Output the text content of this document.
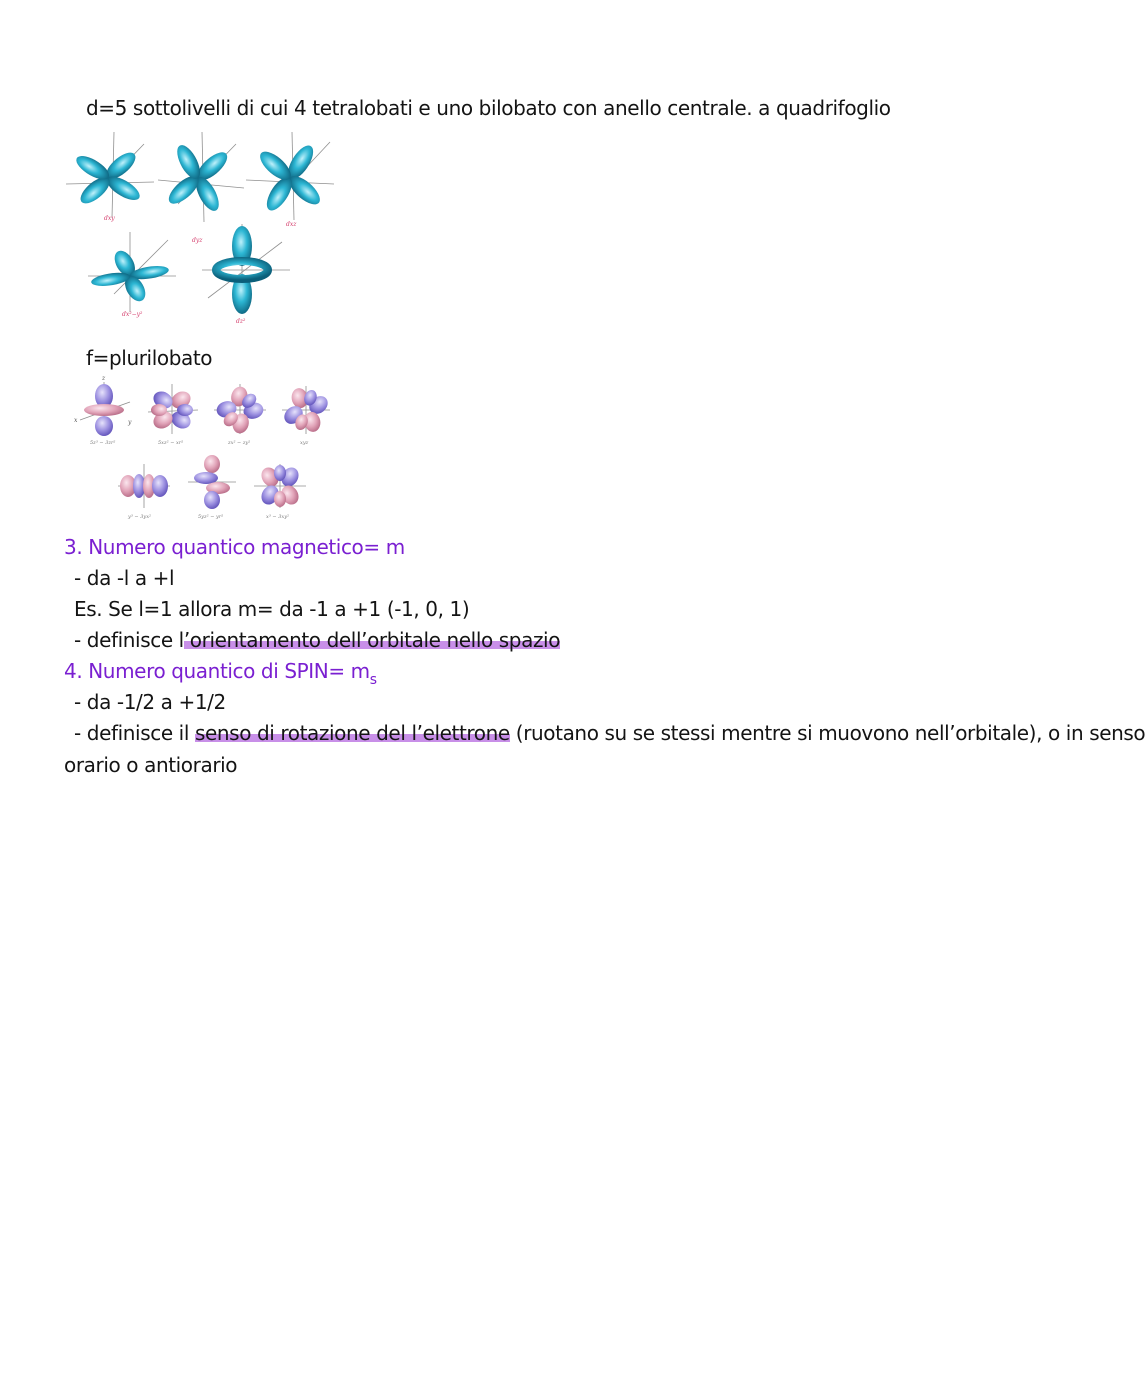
d=5 sottolivelli di cui 4 tetralobati e uno bilobato con anello centrale. a quadrifoglio
dxy
dyz
dxz
dx²−y²
dz²
f=plurilobato
z
x	y
5z³ − 3zr²	5xz² − xr²	zx² − zy²	xyz
y³ − 3yx²	5yz² − yr²	x³ − 3xy²
3. Numero quantico magnetico= m
- da -l a +l
Es. Se l=1 allora m= da -1 a +1 (-1, 0, 1)
- definisce l’orientamento dell’orbitale nello spazio
4. Numero quantico di SPIN= $m_s$
- da -1/2 a +1/2
- definisce il senso di rotazione del l’elettrone (ruotano su se stessi mentre si muovono nell’orbitale), o in senso
orario o antiorario
